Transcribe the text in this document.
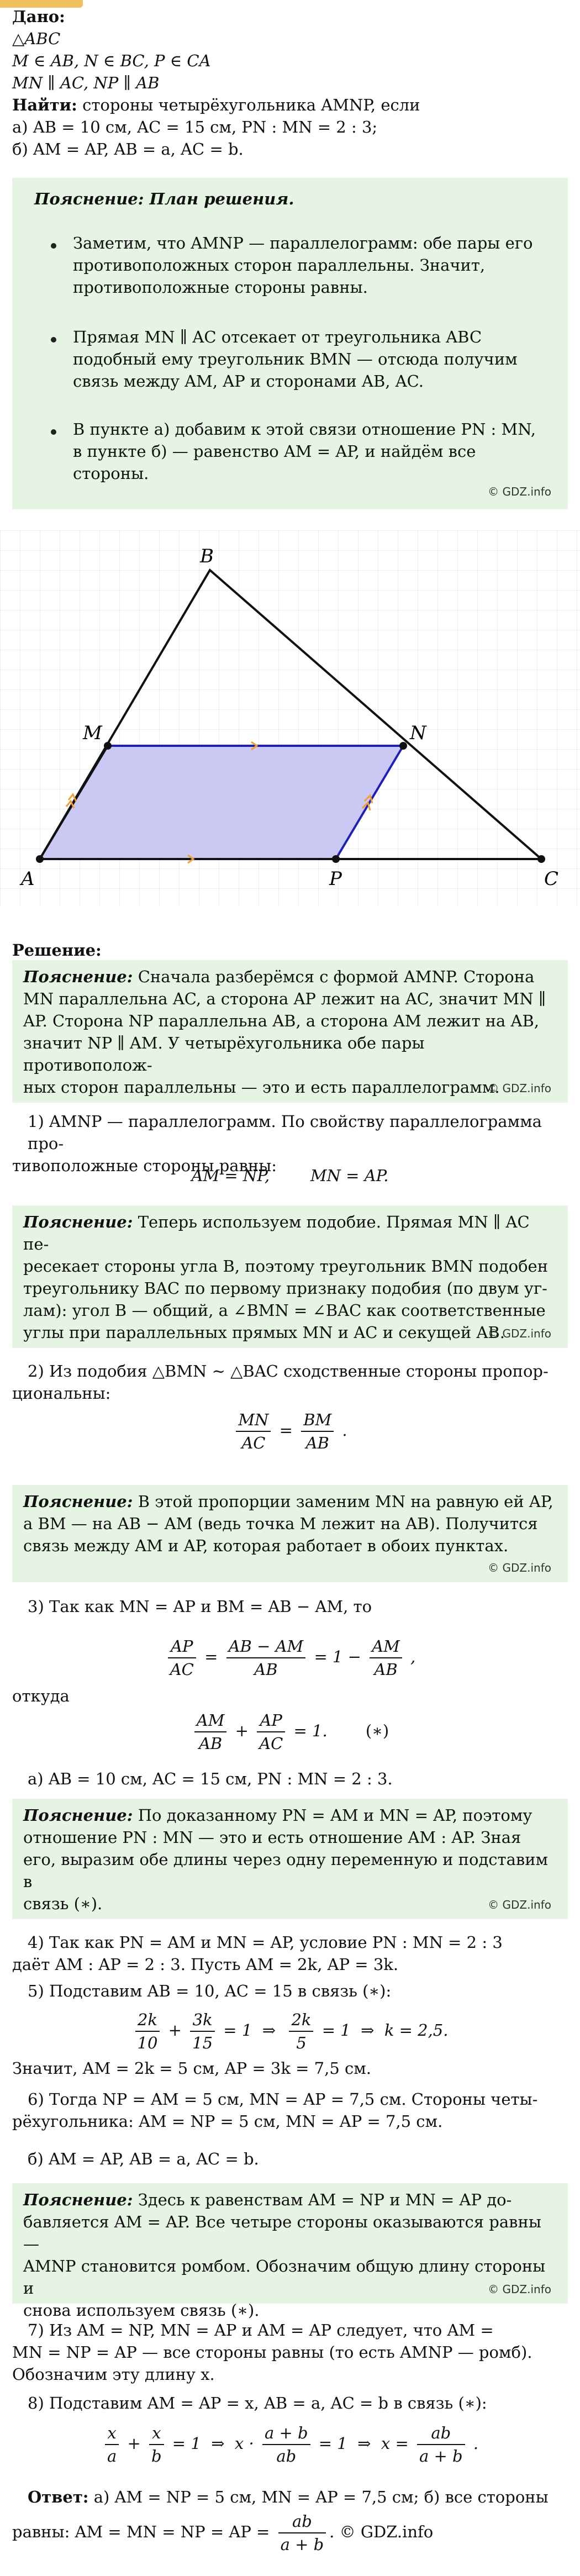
Дано:
△ABC
M ∈ AB, N ∈ BC, P ∈ CA
MN ∥ AC, NP ∥ AB
Найти: стороны четырёхугольника AMNP, если
а) AB = 10 см, AC = 15 см, PN : MN = 2 : 3;
б) AM = AP, AB = a, AC = b.
Пояснение: План решения.
Заметим, что AMNP — параллелограмм: обе пары его противоположных сторон параллельны. Значит, противоположные стороны равны.
Прямая MN ∥ AC отсекает от треугольника ABC подобный ему треугольник BMN — отсюда получим связь между AM, AP и сторонами AB, AC.
В пункте а) добавим к этой связи отношение PN : MN, в пункте б) — равенство AM = AP, и найдём все стороны.
© GDZ.info
B
M	N
A	P	C
Решение:
Пояснение: Сначала разберёмся с формой AMNP. Сторона
MN параллельна AC, а сторона AP лежит на AC, значит MN ∥
AP. Сторона NP параллельна AB, а сторона AM лежит на AB,
значит NP ∥ AM. У четырёхугольника обе пары противополож-
ных сторон параллельны — это и есть параллелограмм.
© GDZ.info
1) AMNP — параллелограмм. По свойству параллелограмма про-
тивоположные стороны равны:
AM = NP,        MN = AP.
Пояснение: Теперь используем подобие. Прямая MN ∥ AC пе-
ресекает стороны угла B, поэтому треугольник BMN подобен
треугольнику BAC по первому признаку подобия (по двум уг-
лам): угол B — общий, а ∠BMN = ∠BAC как соответственные
углы при параллельных прямых MN и AC и секущей AB.
© GDZ.info
2) Из подобия △BMN ∼ △BAC сходственные стороны пропор-
циональны:
$\frac{MN}{AC} = \frac{BM}{AB}$ .
Пояснение: В этой пропорции заменим MN на равную ей AP,
а BM — на AB − AM (ведь точка M лежит на AB). Получится
связь между AM и AP, которая работает в обоих пунктах.
© GDZ.info
3) Так как MN = AP и BM = AB − AM, то
$\frac{AP}{AC} = \frac{AB - AM}{AB} = 1 - \frac{AM}{AB}$ ,
откуда
$\frac{AM}{AB} + \frac{AP}{AC} = 1$. (∗)
а) AB = 10 см, AC = 15 см, PN : MN = 2 : 3.
Пояснение: По доказанному PN = AM и MN = AP, поэтому
отношение PN : MN — это и есть отношение AM : AP. Зная
его, выразим обе длины через одну переменную и подставим в
связь (∗).	© GDZ.info
4) Так как PN = AM и MN = AP, условие PN : MN = 2 : 3
даёт AM : AP = 2 : 3. Пусть AM = 2k, AP = 3k.
5) Подставим AB = 10, AC = 15 в связь (∗):
$\frac{2k}{10} + \frac{3k}{15} = 1$  ⇒ $\frac{2k}{5} = 1$  ⇒  k = 2,5.
Значит, AM = 2k = 5 см, AP = 3k = 7,5 см.
6) Тогда NP = AM = 5 см, MN = AP = 7,5 см. Стороны четы-
рёхугольника: AM = NP = 5 см, MN = AP = 7,5 см.
б) AM = AP, AB = a, AC = b.
Пояснение: Здесь к равенствам AM = NP и MN = AP до-
бавляется AM = AP. Все четыре стороны оказываются равны —
AMNP становится ромбом. Обозначим общую длину стороны и
снова используем связь (∗).
© GDZ.info
7) Из AM = NP, MN = AP и AM = AP следует, что AM =
MN = NP = AP — все стороны равны (то есть AMNP — ромб).
Обозначим эту длину x.
8) Подставим AM = AP = x, AB = a, AC = b в связь (∗):
$\frac{x}{a} + \frac{x}{b} = 1$  ⇒  $x \cdot \frac{a + b}{ab} = 1$  ⇒  $x = \frac{ab}{a + b}$ .
Ответ: а) AM = NP = 5 см, MN = AP = 7,5 см; б) все стороны
равны: AM = MN = NP = AP = $\frac{ab}{a + b}$ . © GDZ.info
